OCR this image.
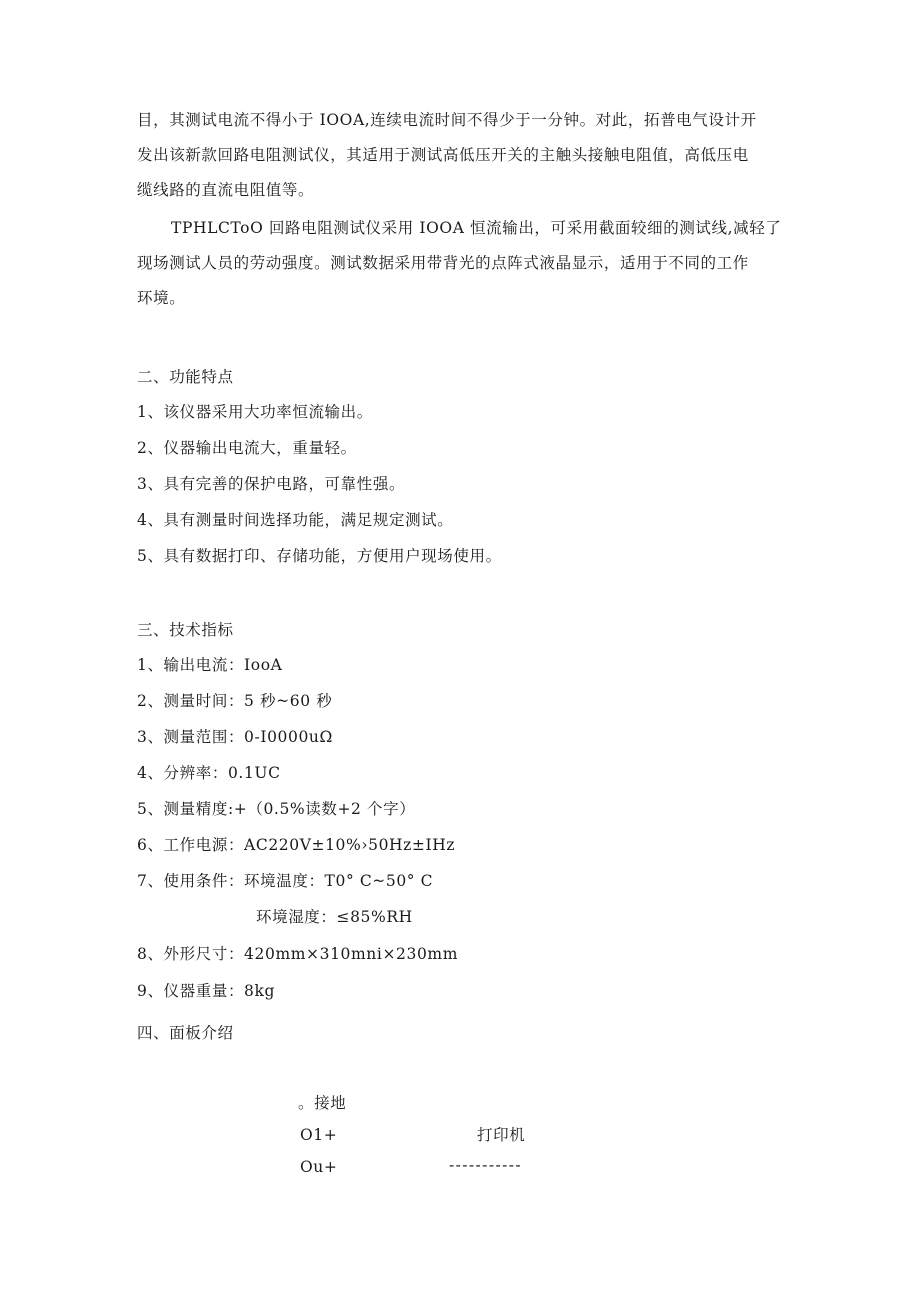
目，其测试电流不得小于 IOOA,连续电流时间不得少于一分钟。对此，拓普电气设计开
发出该新款回路电阻测试仪，其适用于测试高低压开关的主触头接触电阻值，高低压电
缆线路的直流电阻值等。
TPHLCToO 回路电阻测试仪采用 IOOA 恒流输出，可采用截面较细的测试线,减轻了
现场测试人员的劳动强度。测试数据采用带背光的点阵式液晶显示，适用于不同的工作
环境。
二、功能特点
1、该仪器采用大功率恒流输出。
2、仪器输出电流大，重量轻。
3、具有完善的保护电路，可靠性强。
4、具有测量时间选择功能，满足规定测试。
5、具有数据打印、存储功能，方便用户现场使用。
三、技术指标
1、输出电流：IooA
2、测量时间：5 秒~60 秒
3、测量范围：0-I0000uΩ
4、分辨率：0.1UC
5、测量精度:+（0.5%读数+2 个字）
6、工作电源：AC220V±10%›50Hz±IHz
7、使用条件：环境温度：T0° C~50° C
环境湿度：≤85%RH
8、外形尺寸：420mm×310mni×230mm
9、仪器重量：8kg
四、面板介绍
。接地
O1+	打印机
Ou+	-----------
